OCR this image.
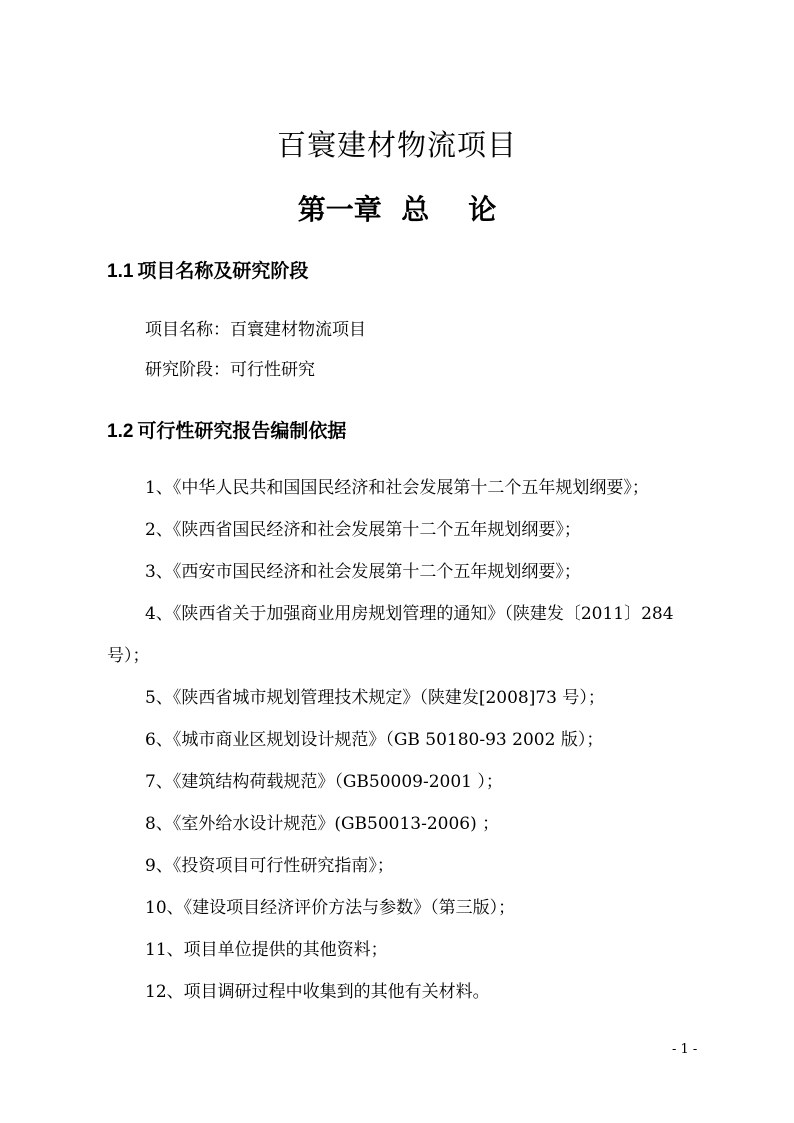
百寰建材物流项目
第一章  总    论
1.1 项目名称及研究阶段
项目名称：百寰建材物流项目
研究阶段：可行性研究
1.2 可行性研究报告编制依据
1、《中华人民共和国国民经济和社会发展第十二个五年规划纲要》；
2、《陕西省国民经济和社会发展第十二个五年规划纲要》；
3、《西安市国民经济和社会发展第十二个五年规划纲要》；
4、《陕西省关于加强商业用房规划管理的通知》（陕建发〔2011〕284
号）；
5、《陕西省城市规划管理技术规定》（陕建发[2008]73 号）；
6、《城市商业区规划设计规范》（GB 50180-93 2002 版）；
7、《建筑结构荷载规范》（GB50009-2001 ）；
8、《室外给水设计规范》(GB50013-2006) ；
9、《投资项目可行性研究指南》；
10、《建设项目经济评价方法与参数》（第三版）；
11、项目单位提供的其他资料；
12、项目调研过程中收集到的其他有关材料。
- 1 -
